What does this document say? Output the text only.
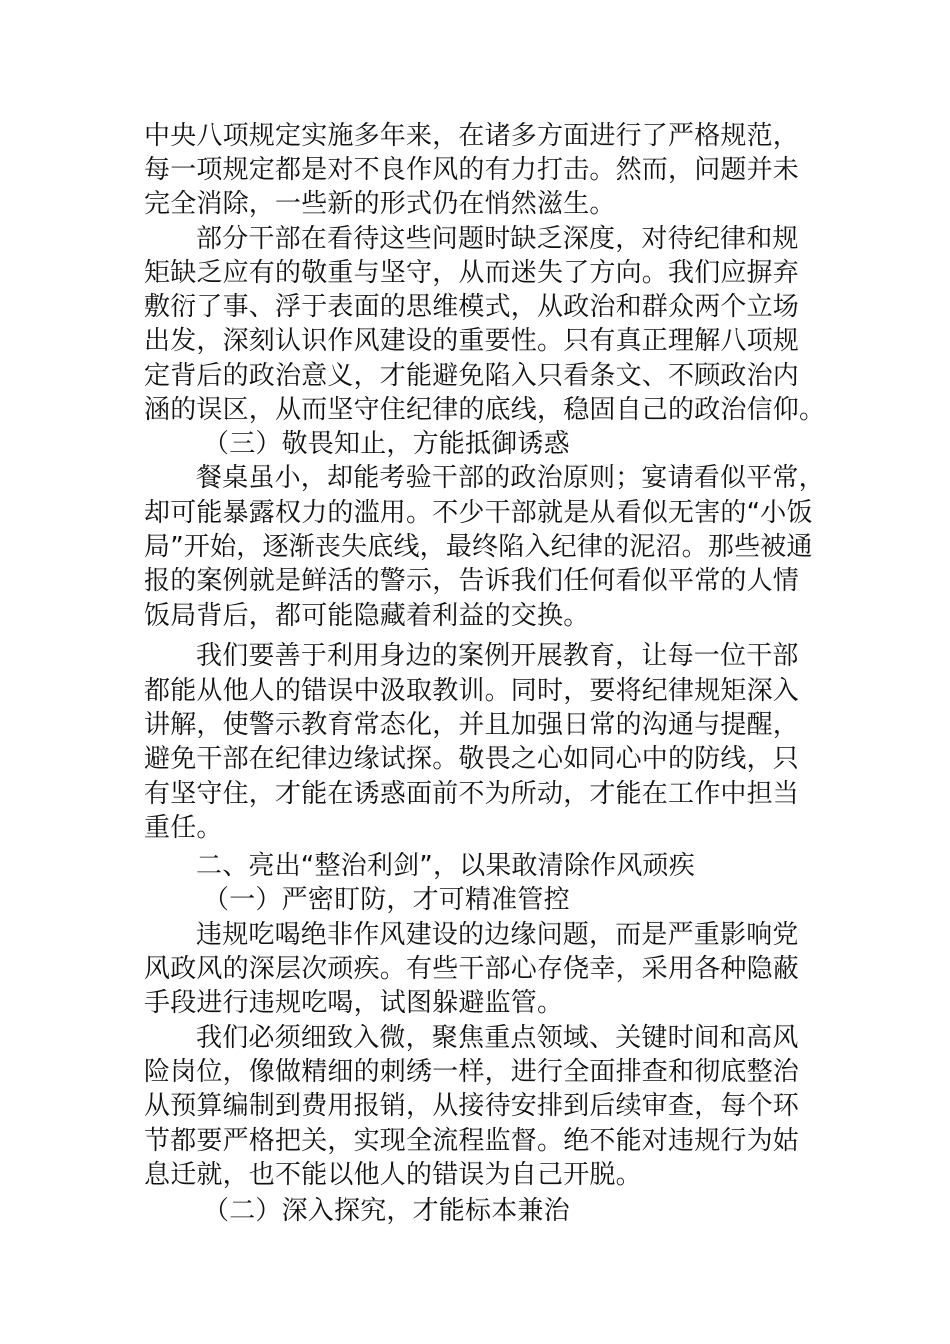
中央八项规定实施多年来，在诸多方面进行了严格规范，
每一项规定都是对不良作风的有力打击。然而，问题并未
完全消除，一些新的形式仍在悄然滋生。
部分干部在看待这些问题时缺乏深度，对待纪律和规
矩缺乏应有的敬重与坚守，从而迷失了方向。我们应摒弃
敷衍了事、浮于表面的思维模式，从政治和群众两个立场
出发，深刻认识作风建设的重要性。只有真正理解八项规
定背后的政治意义，才能避免陷入只看条文、不顾政治内
涵的误区，从而坚守住纪律的底线，稳固自己的政治信仰。
（三）敬畏知止，方能抵御诱惑
餐桌虽小，却能考验干部的政治原则；宴请看似平常，
却可能暴露权力的滥用。不少干部就是从看似无害的“小饭
局”开始，逐渐丧失底线，最终陷入纪律的泥沼。那些被通
报的案例就是鲜活的警示，告诉我们任何看似平常的人情
饭局背后，都可能隐藏着利益的交换。
我们要善于利用身边的案例开展教育，让每一位干部
都能从他人的错误中汲取教训。同时，要将纪律规矩深入
讲解，使警示教育常态化，并且加强日常的沟通与提醒，
避免干部在纪律边缘试探。敬畏之心如同心中的防线，只
有坚守住，才能在诱惑面前不为所动，才能在工作中担当
重任。
二、亮出“整治利剑”，以果敢清除作风顽疾
（一）严密盯防，才可精准管控
违规吃喝绝非作风建设的边缘问题，而是严重影响党
风政风的深层次顽疾。有些干部心存侥幸，采用各种隐蔽
手段进行违规吃喝，试图躲避监管。
我们必须细致入微，聚焦重点领域、关键时间和高风
险岗位，像做精细的刺绣一样，进行全面排查和彻底整治
从预算编制到费用报销，从接待安排到后续审查，每个环
节都要严格把关，实现全流程监督。绝不能对违规行为姑
息迁就，也不能以他人的错误为自己开脱。
（二）深入探究，才能标本兼治
